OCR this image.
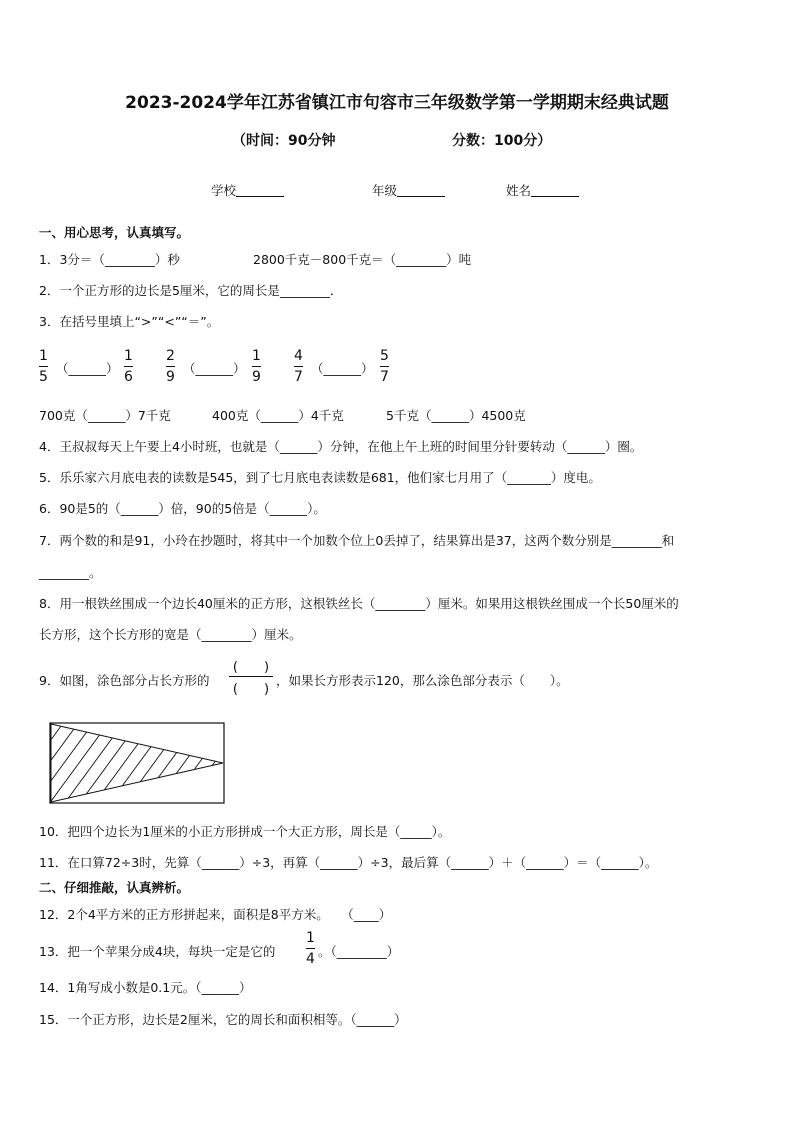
2023-2024学年江苏省镇江市句容市三年级数学第一学期期末经典试题
（时间：90分钟	分数：100分）
学校	年级	姓名
一、用心思考，认真填写。
1．3分＝（________）秒	2800千克－800千克＝（________）吨
2．一个正方形的边长是5厘米，它的周长是________．
3．在括号里填上“>”“<”“＝”。
1
5
（______）
1
6
2
9
（______）
1
9
4
7
（______）
5
7
700克（______）7千克	400克（______）4千克	5千克（______）4500克
4．王叔叔每天上午要上4小时班，也就是（______）分钟，在他上午上班的时间里分针要转动（______）圈。
5．乐乐家六月底电表的读数是545，到了七月底电表读数是681，他们家七月用了（_______）度电。
6．90是5的（______）倍，90的5倍是（______）。
7．两个数的和是91，小玲在抄题时，将其中一个加数个位上0丢掉了，结果算出是37，这两个数分别是________和
________。
8．用一根铁丝围成一个边长40厘米的正方形，这根铁丝长（________）厘米。如果用这根铁丝围成一个长50厘米的
长方形，这个长方形的宽是（________）厘米。
9．如图，涂色部分占长方形的
(　　)
(　　)
，如果长方形表示120，那么涂色部分表示（　　）。
10．把四个边长为1厘米的小正方形拼成一个大正方形，周长是（_____）。
11．在口算72÷3时，先算（______）÷3，再算（______）÷3，最后算（______）＋（______）＝（______）。
二、仔细推敲，认真辨析。
12．2个4平方米的正方形拼起来，面积是8平方米。　　（____）
13．把一个苹果分成4块，每块一定是它的
1
4 。（________）
14．1角写成小数是0.1元。（______）
15．一个正方形，边长是2厘米，它的周长和面积相等。（______）
